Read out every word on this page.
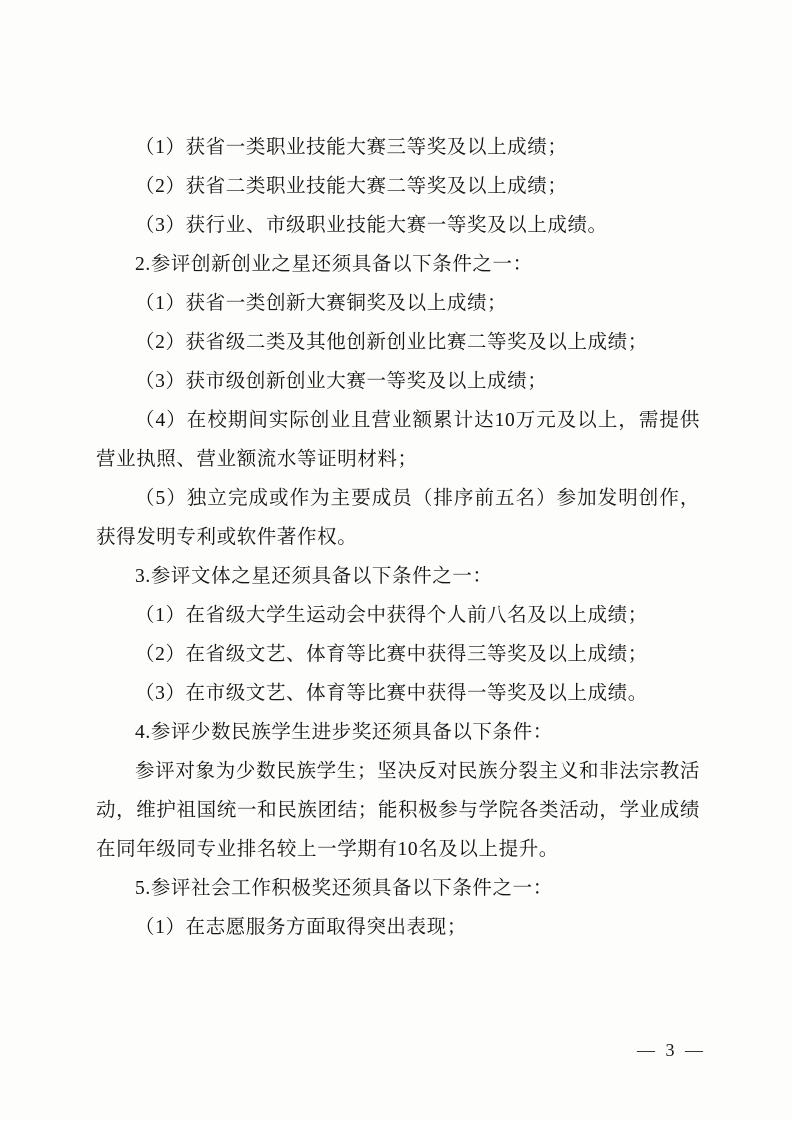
（1）获省一类职业技能大赛三等奖及以上成绩；

（2）获省二类职业技能大赛二等奖及以上成绩；

（3）获行业、市级职业技能大赛一等奖及以上成绩。

2.参评创新创业之星还须具备以下条件之一：

（1）获省一类创新大赛铜奖及以上成绩；

（2）获省级二类及其他创新创业比赛二等奖及以上成绩；

（3）获市级创新创业大赛一等奖及以上成绩；

（4）在校期间实际创业且营业额累计达10万元及以上，需提供营业执照、营业额流水等证明材料；

（5）独立完成或作为主要成员（排序前五名）参加发明创作，获得发明专利或软件著作权。

3.参评文体之星还须具备以下条件之一：

（1）在省级大学生运动会中获得个人前八名及以上成绩；

（2）在省级文艺、体育等比赛中获得三等奖及以上成绩；

（3）在市级文艺、体育等比赛中获得一等奖及以上成绩。

4.参评少数民族学生进步奖还须具备以下条件：

参评对象为少数民族学生；坚决反对民族分裂主义和非法宗教活动，维护祖国统一和民族团结；能积极参与学院各类活动，学业成绩在同年级同专业排名较上一学期有10名及以上提升。

5.参评社会工作积极奖还须具备以下条件之一：

（1）在志愿服务方面取得突出表现；

— 3 —
